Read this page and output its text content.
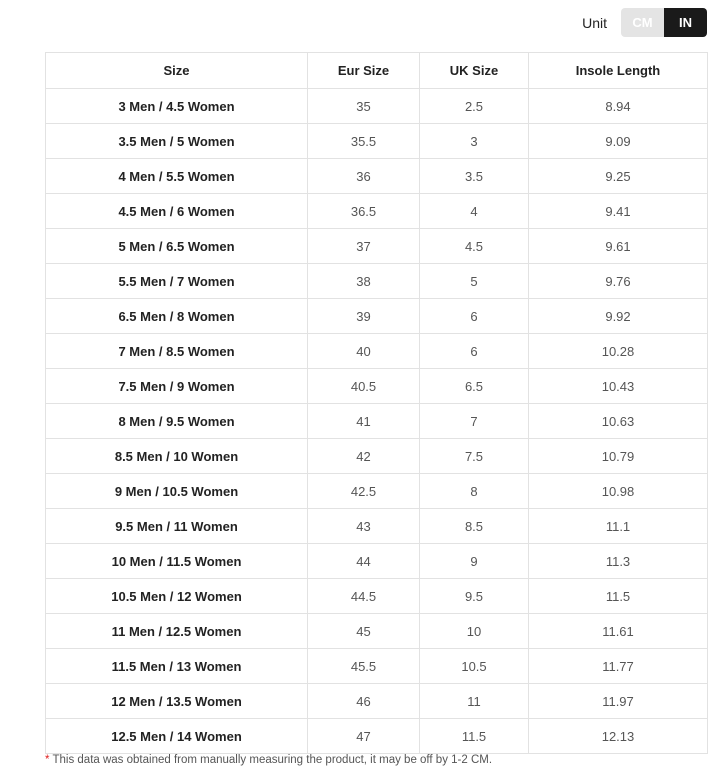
Unit	CM	IN
Size	Eur Size	UK Size	Insole Length
3 Men / 4.5 Women	35	2.5	8.94
3.5 Men / 5 Women	35.5	3	9.09
4 Men / 5.5 Women	36	3.5	9.25
4.5 Men / 6 Women	36.5	4	9.41
5 Men / 6.5 Women	37	4.5	9.61
5.5 Men / 7 Women	38	5	9.76
6.5 Men / 8 Women	39	6	9.92
7 Men / 8.5 Women	40	6	10.28
7.5 Men / 9 Women	40.5	6.5	10.43
8 Men / 9.5 Women	41	7	10.63
8.5 Men / 10 Women	42	7.5	10.79
9 Men / 10.5 Women	42.5	8	10.98
9.5 Men / 11 Women	43	8.5	11.1
10 Men / 11.5 Women	44	9	11.3
10.5 Men / 12 Women	44.5	9.5	11.5
11 Men / 12.5 Women	45	10	11.61
11.5 Men / 13 Women	45.5	10.5	11.77
12 Men / 13.5 Women	46	11	11.97
12.5 Men / 14 Women	47	11.5	12.13
* This data was obtained from manually measuring the product, it may be off by 1-2 CM.
